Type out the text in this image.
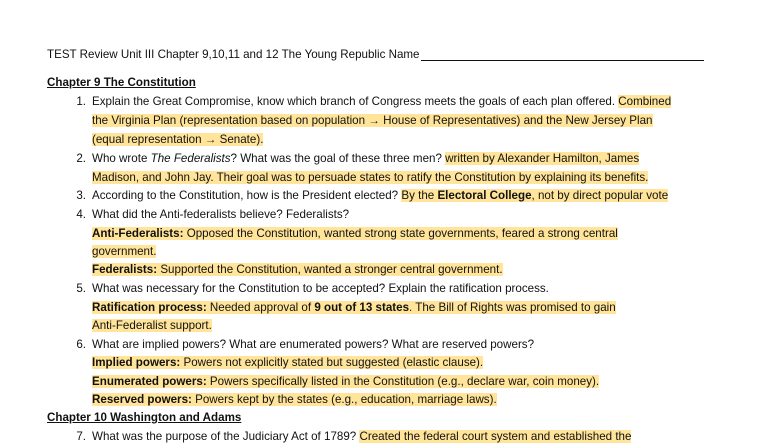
TEST Review Unit III Chapter 9,10,11 and 12 The Young Republic Name
Chapter 9 The Constitution
1. Explain the Great Compromise, know which branch of Congress meets the goals of each plan offered. Combined
the Virginia Plan (representation based on population → House of Representatives) and the New Jersey Plan
(equal representation → Senate).
2. Who wrote The Federalists? What was the goal of these three men? written by Alexander Hamilton, James
Madison, and John Jay. Their goal was to persuade states to ratify the Constitution by explaining its benefits.
3. According to the Constitution, how is the President elected? By the Electoral College, not by direct popular vote
4. What did the Anti-federalists believe? Federalists?
Anti-Federalists: Opposed the Constitution, wanted strong state governments, feared a strong central
government.
Federalists: Supported the Constitution, wanted a stronger central government.
5. What was necessary for the Constitution to be accepted? Explain the ratification process.
Ratification process: Needed approval of 9 out of 13 states. The Bill of Rights was promised to gain
Anti-Federalist support.
6. What are implied powers? What are enumerated powers? What are reserved powers?
Implied powers: Powers not explicitly stated but suggested (elastic clause).
Enumerated powers: Powers specifically listed in the Constitution (e.g., declare war, coin money).
Reserved powers: Powers kept by the states (e.g., education, marriage laws).
Chapter 10 Washington and Adams
7. What was the purpose of the Judiciary Act of 1789? Created the federal court system and established the
